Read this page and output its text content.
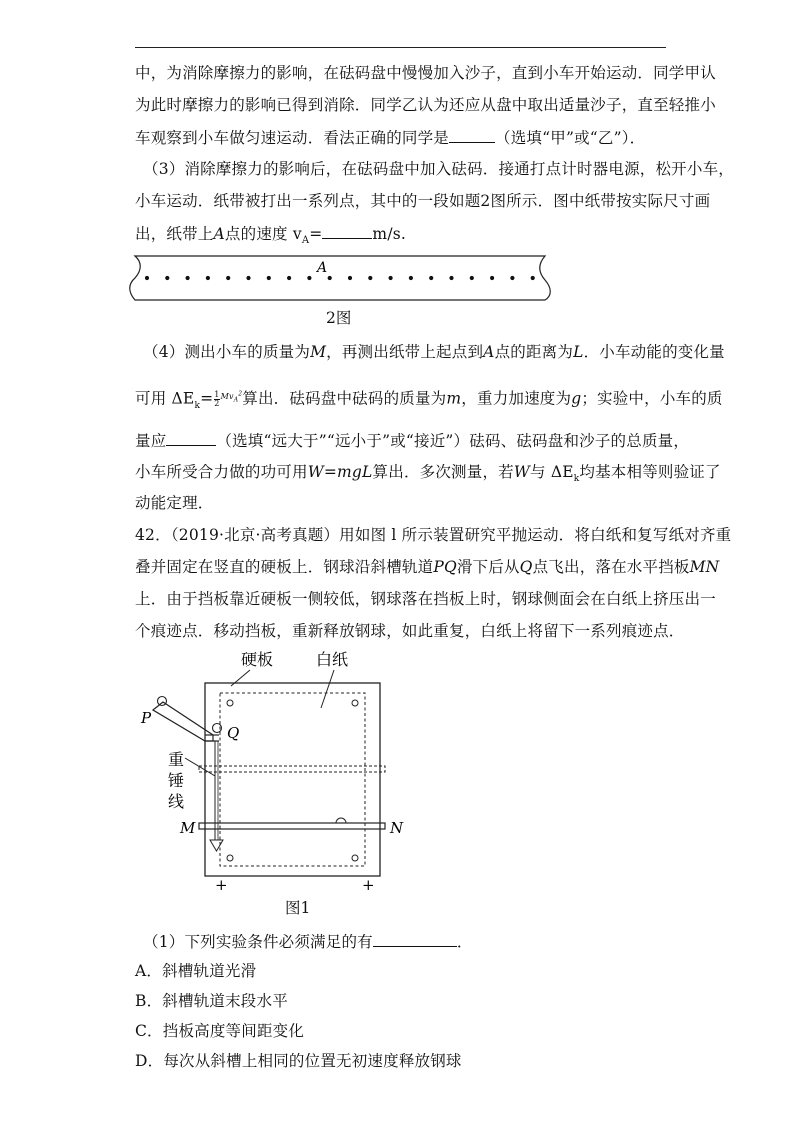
中，为消除摩擦力的影响，在砝码盘中慢慢加入沙子，直到小车开始运动．同学甲认
为此时摩擦力的影响已得到消除．同学乙认为还应从盘中取出适量沙子，直至轻推小
车观察到小车做匀速运动．看法正确的同学是	（选填“甲”或“乙”）．
（3）消除摩擦力的影响后，在砝码盘中加入砝码．接通打点计时器电源，松开小车，
小车运动．纸带被打出一系列点，其中的一段如题2图所示．图中纸带按实际尺寸画
出，纸带上A点的速度 $v_A=$	m/s.
A
2图
（4）测出小车的质量为M，再测出纸带上起点到A点的距离为L．小车动能的变化量
可用 $\Delta E_k= \frac{1}{2} ^{Mv_A^2}$算出．砝码盘中砝码的质量为m，重力加速度为g；实验中，小车的质
量应	（选填“远大于”“远小于”或“接近”）砝码、砝码盘和沙子的总质量，
小车所受合力做的功可用W=mgL算出．多次测量，若W与 $\Delta E_k$均基本相等则验证了
动能定理．
42．（2019·北京·高考真题）用如图 l 所示装置研究平抛运动．将白纸和复写纸对齐重
叠并固定在竖直的硬板上．钢球沿斜槽轨道PQ滑下后从Q点飞出，落在水平挡板MN
上．由于挡板靠近硬板一侧较低，钢球落在挡板上时，钢球侧面会在白纸上挤压出一
个痕迹点．移动挡板，重新释放钢球，如此重复，白纸上将留下一系列痕迹点．
硬板	白纸
P
Q
重
锤
线
M	N
+	+
图1
（1）下列实验条件必须满足的有	．
A．斜槽轨道光滑
B．斜槽轨道末段水平
C．挡板高度等间距变化
D．每次从斜槽上相同的位置无初速度释放钢球
